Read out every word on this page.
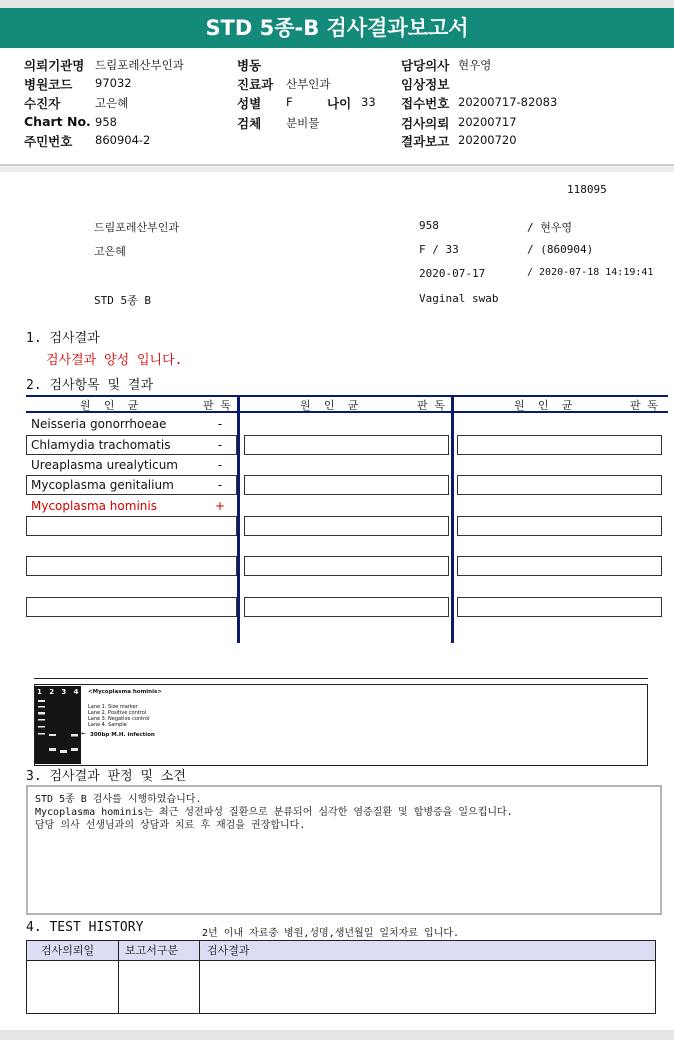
STD 5종-B 검사결과보고서
의뢰기관명 드림포레산부인과
병원코드 97032
수진자	고은혜
Chart No. 958
주민번호 860904-2
병동
진료과 산부인과
성별 F	나이 33
검체 분비물
담당의사 현우영
임상정보
접수번호 20200717-82083
검사의뢰 20200717
결과보고 20200720
118095
드림포레산부인과	958	/ 현우영
고은혜	F / 33	/ (860904)
2020-07-17	/ 2020-07-18 14:19:41
STD 5종 B	Vaginal swab
1. 검사결과
검사결과 양성 입니다.
2. 검사항목 및 결과
원  인  균	판 독	원  인  균	판 독	원  인  균	판 독
Neisseria gonorrhoeae	-
Chlamydia trachomatis	-
Ureaplasma urealyticum	-
Mycoplasma genitalium	-
Mycoplasma hominis	+
1 2 3 4 <Mycoplasma hominis>
Lane 1. Size marker
Lane 2. Positive control
Lane 3. Negative control
Lane 4. Sample
← 300bp M.H. infection
3. 검사결과 판정 및 소견
STD 5종 B 검사를 시행하였습니다.
Mycoplasma hominis는 최근 성전파성 질환으로 분류되어 심각한 염증질환 및 합병증을 일으킵니다.
담당 의사 선생님과의 상담과 치료 후 재검을 권장합니다.
4. TEST HISTORY	2년 이내 자료중 병원,성명,생년월일 일치자료 입니다.
검사의뢰일	보고서구분	검사결과
